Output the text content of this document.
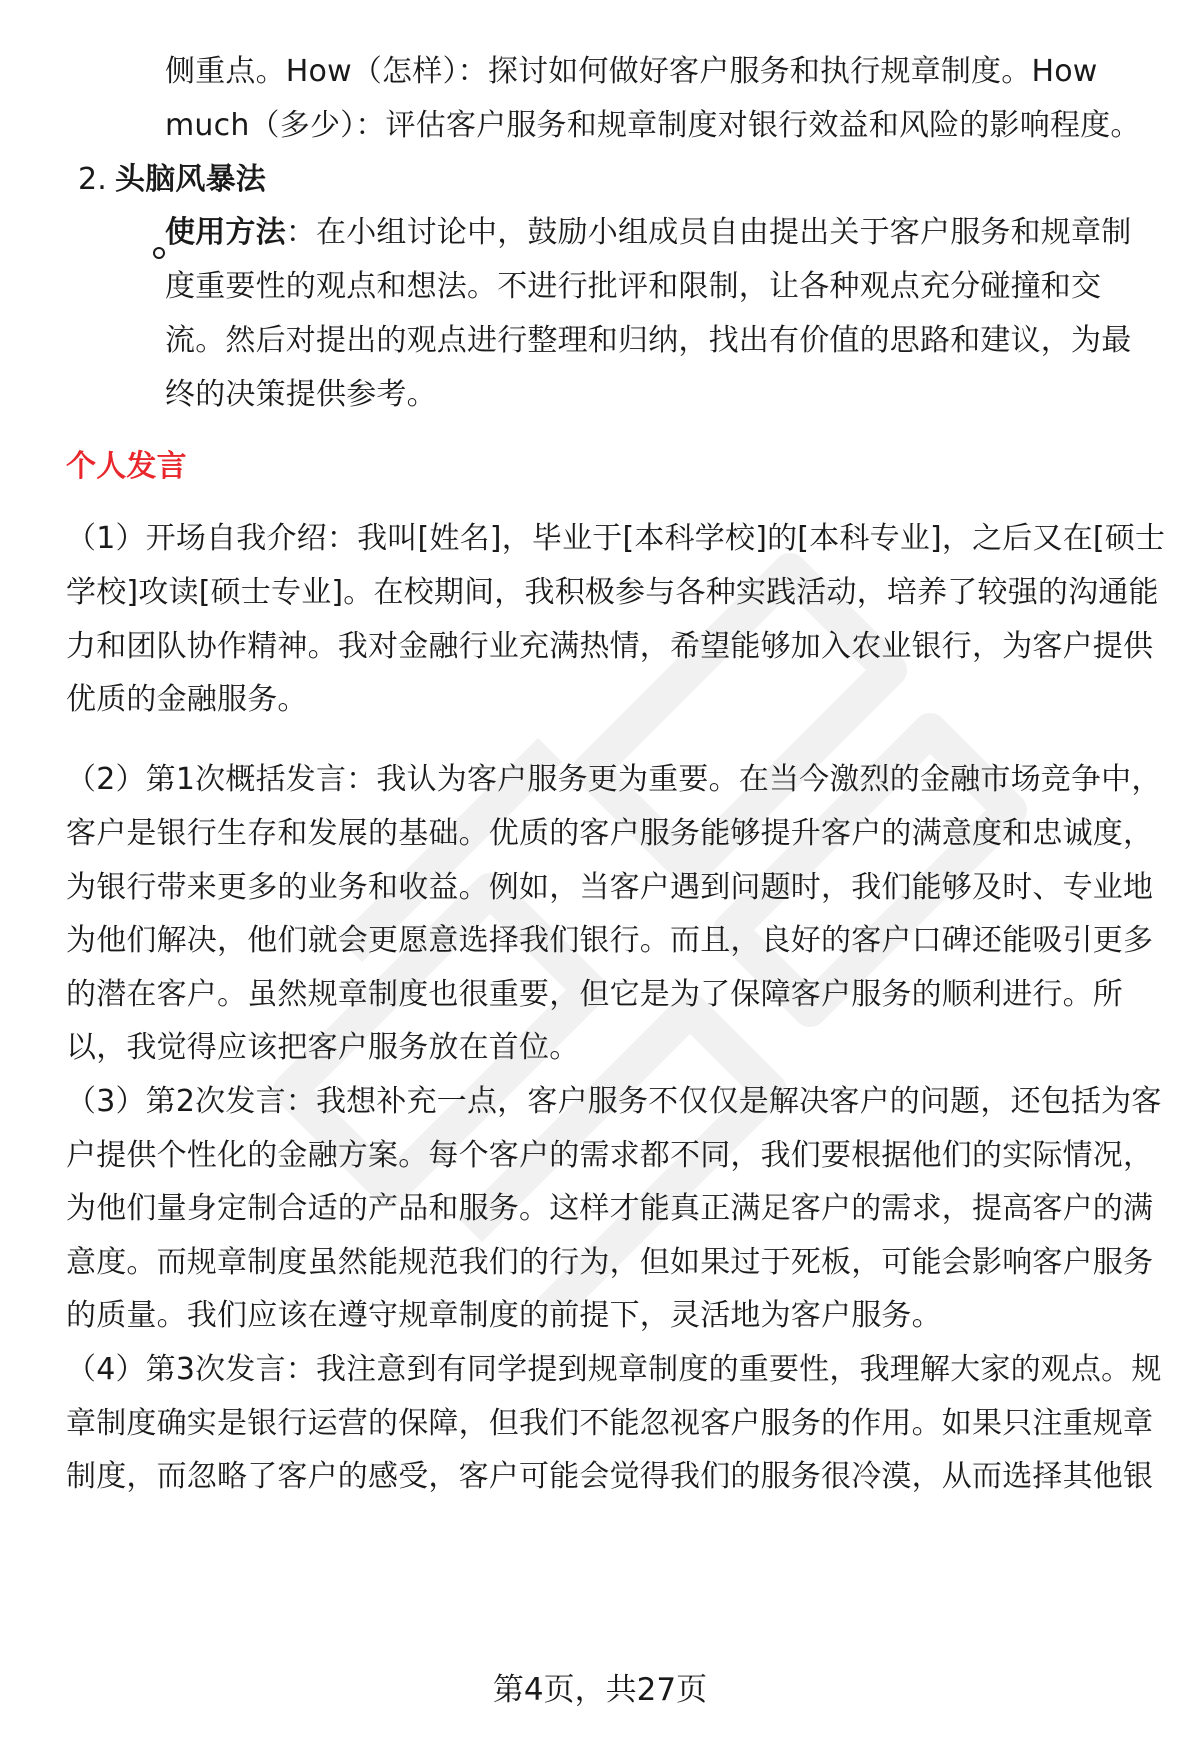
侧重点。How（怎样）：探讨如何做好客户服务和执行规章制度。How
much（多少）：评估客户服务和规章制度对银行效益和风险的影响程度。
2. 头脑风暴法
使用方法：在小组讨论中，鼓励小组成员自由提出关于客户服务和规章制
度重要性的观点和想法。不进行批评和限制，让各种观点充分碰撞和交
流。然后对提出的观点进行整理和归纳，找出有价值的思路和建议，为最
终的决策提供参考。
个人发言
（1）开场自我介绍：我叫[姓名]，毕业于[本科学校]的[本科专业]，之后又在[硕士
学校]攻读[硕士专业]。在校期间，我积极参与各种实践活动，培养了较强的沟通能
力和团队协作精神。我对金融行业充满热情，希望能够加入农业银行，为客户提供
优质的金融服务。
（2）第1次概括发言：我认为客户服务更为重要。在当今激烈的金融市场竞争中，
客户是银行生存和发展的基础。优质的客户服务能够提升客户的满意度和忠诚度，
为银行带来更多的业务和收益。例如，当客户遇到问题时，我们能够及时、专业地
为他们解决，他们就会更愿意选择我们银行。而且，良好的客户口碑还能吸引更多
的潜在客户。虽然规章制度也很重要，但它是为了保障客户服务的顺利进行。所
以，我觉得应该把客户服务放在首位。
（3）第2次发言：我想补充一点，客户服务不仅仅是解决客户的问题，还包括为客
户提供个性化的金融方案。每个客户的需求都不同，我们要根据他们的实际情况，
为他们量身定制合适的产品和服务。这样才能真正满足客户的需求，提高客户的满
意度。而规章制度虽然能规范我们的行为，但如果过于死板，可能会影响客户服务
的质量。我们应该在遵守规章制度的前提下，灵活地为客户服务。
（4）第3次发言：我注意到有同学提到规章制度的重要性，我理解大家的观点。规
章制度确实是银行运营的保障，但我们不能忽视客户服务的作用。如果只注重规章
制度，而忽略了客户的感受，客户可能会觉得我们的服务很冷漠，从而选择其他银
第4页，共27页
